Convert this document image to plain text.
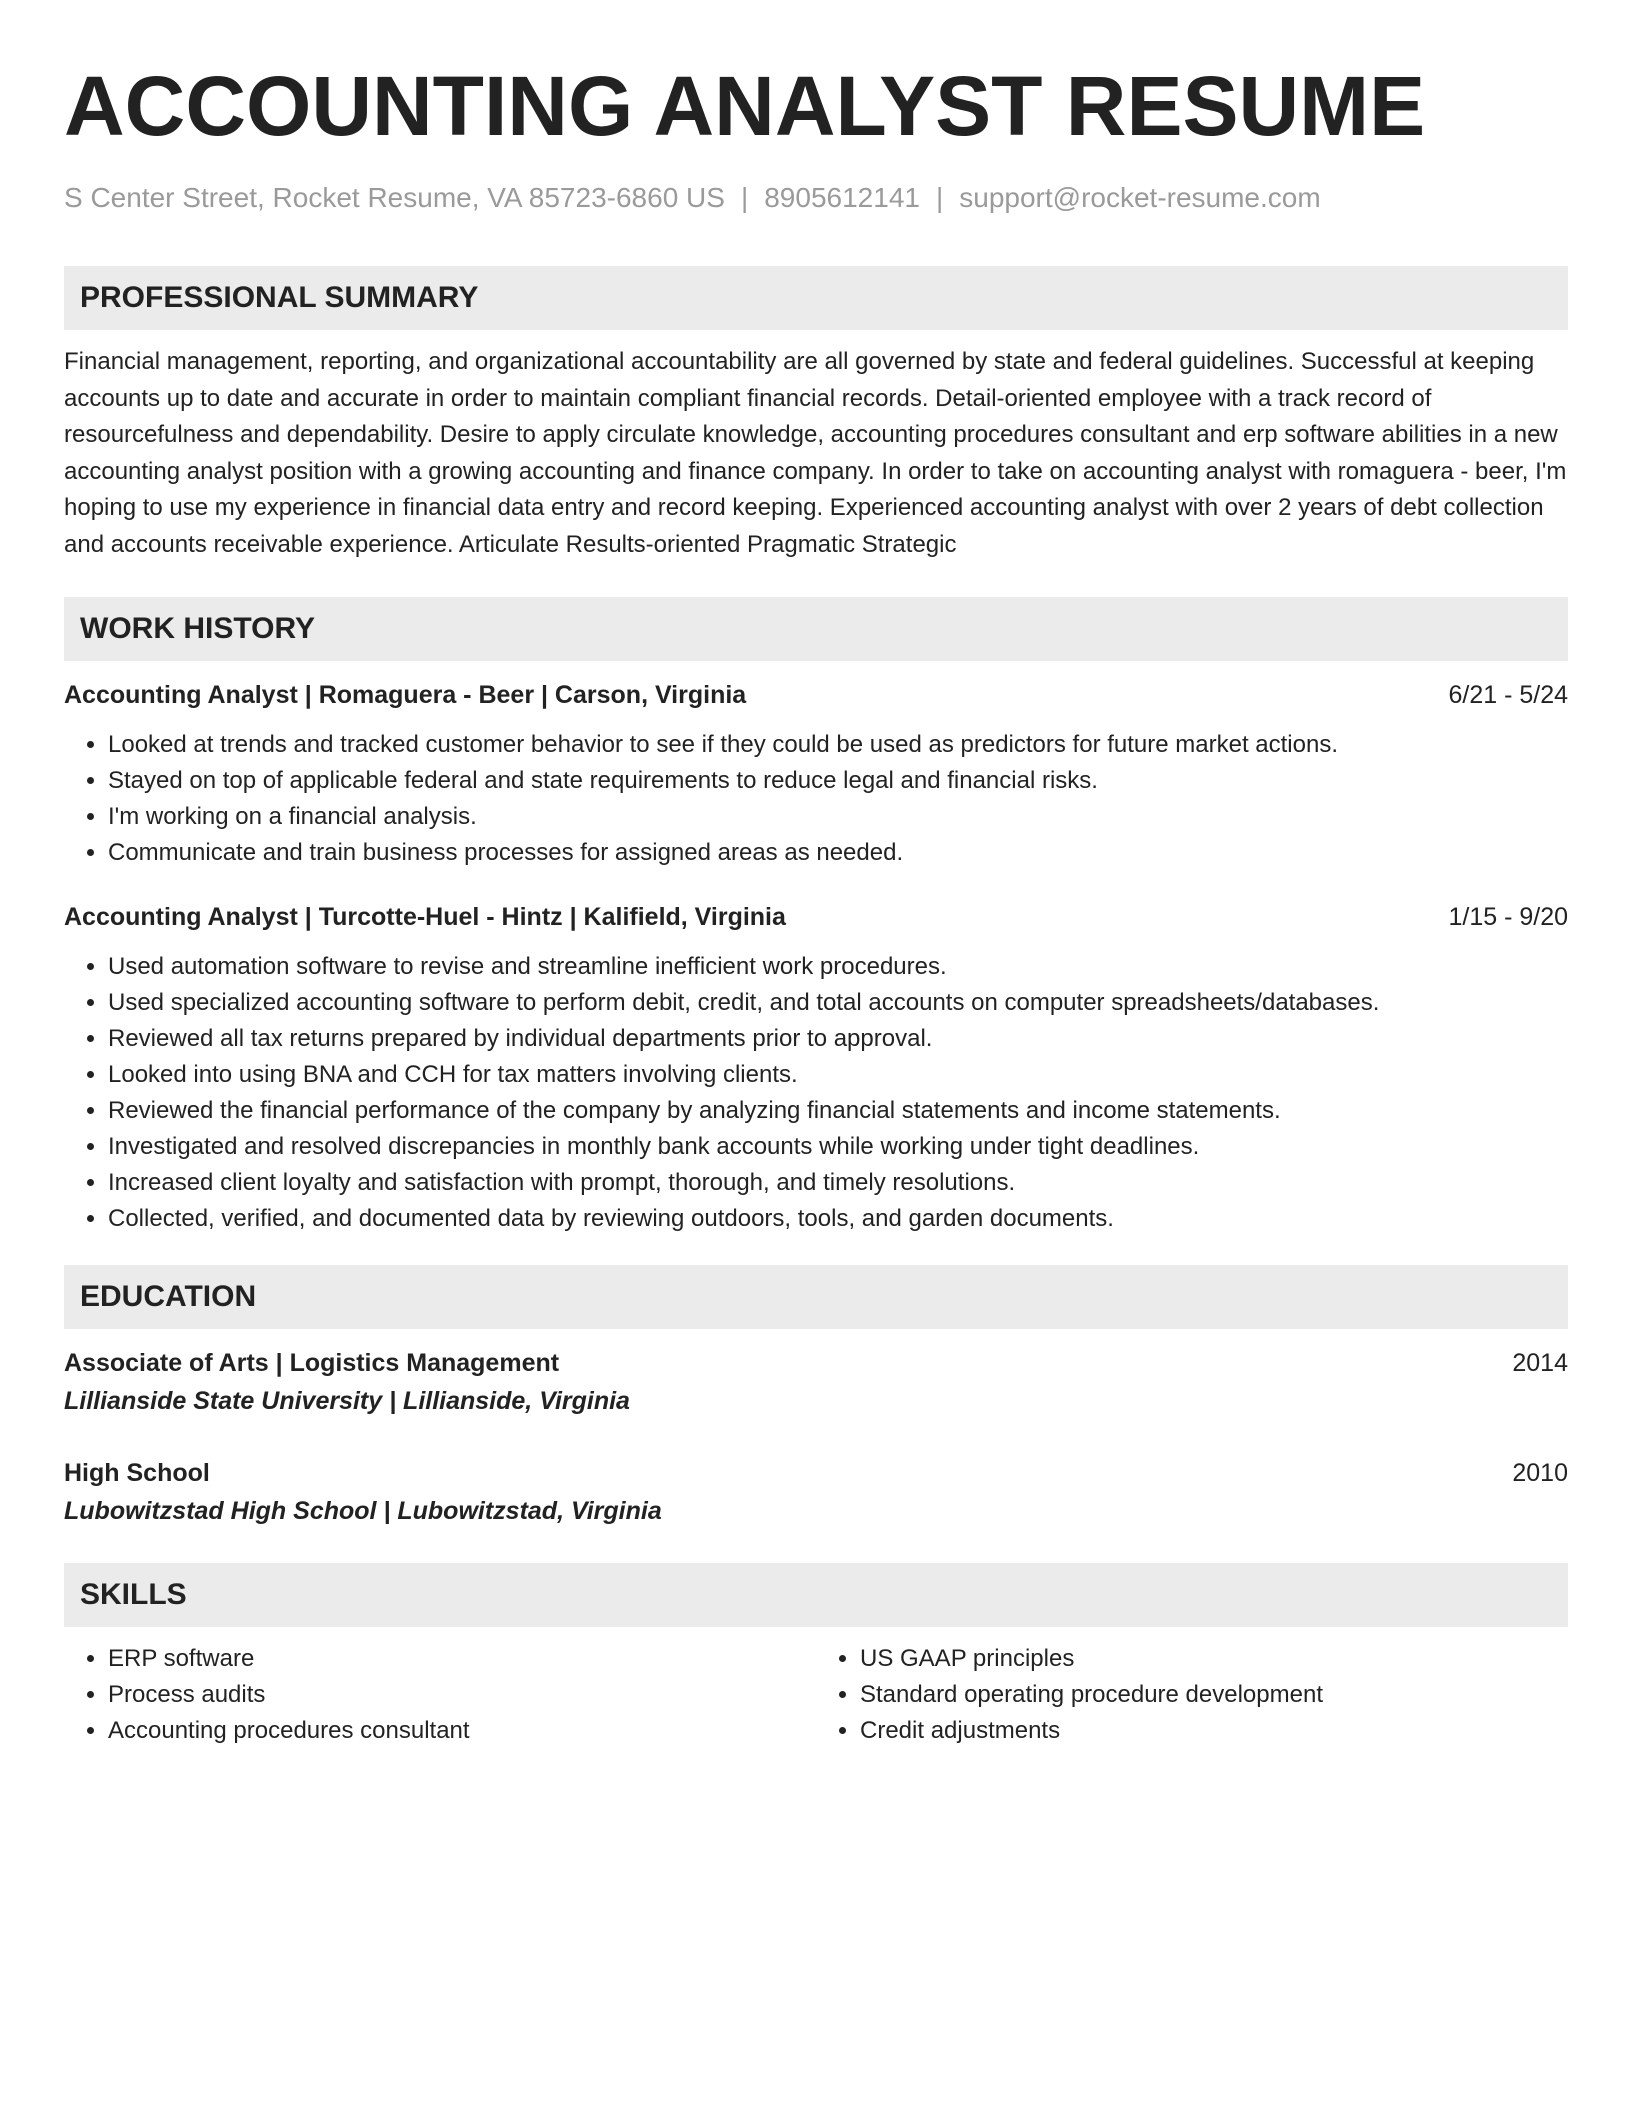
ACCOUNTING ANALYST RESUME
S Center Street, Rocket Resume, VA 85723-6860 US | 8905612141 | support@rocket-resume.com
PROFESSIONAL SUMMARY
Financial management, reporting, and organizational accountability are all governed by state and federal guidelines. Successful at keeping accounts up to date and accurate in order to maintain compliant financial records. Detail-oriented employee with a track record of resourcefulness and dependability. Desire to apply circulate knowledge, accounting procedures consultant and erp software abilities in a new accounting analyst position with a growing accounting and finance company. In order to take on accounting analyst with romaguera - beer, I'm hoping to use my experience in financial data entry and record keeping. Experienced accounting analyst with over 2 years of debt collection and accounts receivable experience. Articulate Results-oriented Pragmatic Strategic
WORK HISTORY
Accounting Analyst | Romaguera - Beer | Carson, Virginia	6/21 - 5/24
• Looked at trends and tracked customer behavior to see if they could be used as predictors for future market actions.
• Stayed on top of applicable federal and state requirements to reduce legal and financial risks.
• I'm working on a financial analysis.
• Communicate and train business processes for assigned areas as needed.
Accounting Analyst | Turcotte-Huel - Hintz | Kalifield, Virginia	1/15 - 9/20
• Used automation software to revise and streamline inefficient work procedures.
• Used specialized accounting software to perform debit, credit, and total accounts on computer spreadsheets/databases.
• Reviewed all tax returns prepared by individual departments prior to approval.
• Looked into using BNA and CCH for tax matters involving clients.
• Reviewed the financial performance of the company by analyzing financial statements and income statements.
• Investigated and resolved discrepancies in monthly bank accounts while working under tight deadlines.
• Increased client loyalty and satisfaction with prompt, thorough, and timely resolutions.
• Collected, verified, and documented data by reviewing outdoors, tools, and garden documents.
EDUCATION
Associate of Arts | Logistics Management	2014
Lillianside State University | Lillianside, Virginia
High School	2010
Lubowitzstad High School | Lubowitzstad, Virginia
SKILLS
• ERP software
• Process audits
• Accounting procedures consultant
• US GAAP principles
• Standard operating procedure development
• Credit adjustments
